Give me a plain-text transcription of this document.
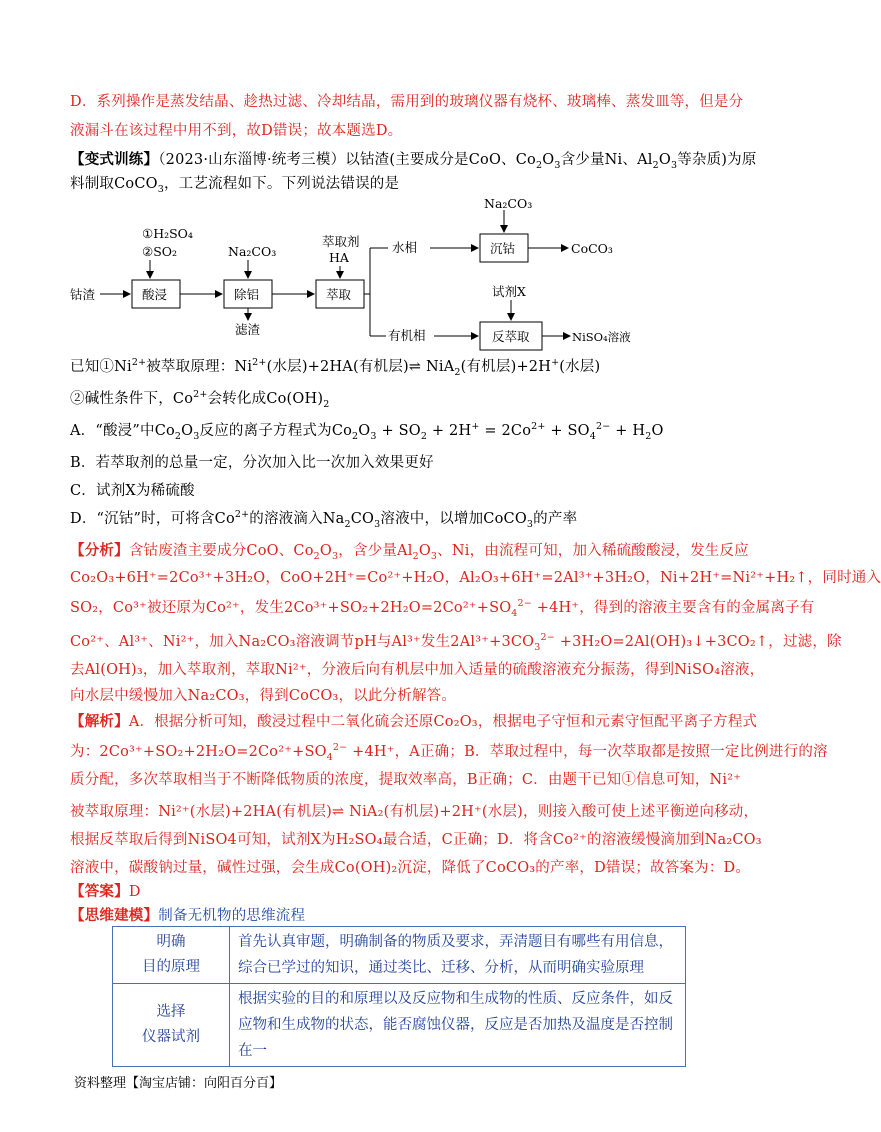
D．系列操作是蒸发结晶、趁热过滤、冷却结晶，需用到的玻璃仪器有烧杯、玻璃棒、蒸发皿等，但是分
液漏斗在该过程中用不到，故D错误；故本题选D。
【变式训练】（2023·山东淄博·统考三模）以钴渣(主要成分是CoO、$Co_2O_3$含少量Ni、$Al_2O_3$等杂质)为原
料制取CoCO$_3$，工艺流程如下。下列说法错误的是
①H₂SO₄
②SO₂	Na₂CO₃
萃取剂
HA
Na₂CO₃
试剂X
钴渣	酸浸	除铝	萃取
沉钴
反萃取
滤渣
水相
有机相
CoCO₃
NiSO₄溶液
已知$①Ni^{2+}$被萃取原理：$Ni^{2+}$(水层)+2HA(有机层)⇌ NiA$_2$(有机层)+2H+(水层)
②碱性条件下，$Co^{2+}$会转化成$Co(OH)_2$
A．“酸浸”中$Co_2O_3$反应的离子方程式为$Co_2O_3 + SO_2 + 2H^+ = 2Co^{2+} + SO_4^{2-} + H_2O$
B．若萃取剂的总量一定，分次加入比一次加入效果更好
C．试剂X为稀硫酸
D．“沉钴”时，可将含$Co^{2+}$的溶液滴入$Na_2CO_3$溶液中，以增加CoCO$_3$的产率
【分析】含钴废渣主要成分CoO、$Co_2O_3$，含少量$Al_2O_3$、Ni，由流程可知，加入稀硫酸酸浸，发生反应
Co₂O₃+6H⁺=2Co³⁺+3H₂O，CoO+2H⁺=Co²⁺+H₂O，Al₂O₃+6H⁺=2Al³⁺+3H₂O，Ni+2H⁺=Ni²⁺+H₂↑，同时通入
SO₂，Co³⁺被还原为Co²⁺，发生$2Co^{3+}+SO_2+2H_2O=2Co^{2+}+SO_4^{2-} +4H^+$，得到的溶液主要含有的金属离子有
Co²⁺、Al³⁺、Ni²⁺，加入Na₂CO₃溶液调节pH与Al³⁺发生$2Al^{3+}+3CO_3^{2-}$ +3H₂O=2Al(OH)₃↓+3CO₂↑，过滤，除
去Al(OH)₃，加入萃取剂，萃取Ni²⁺，分液后向有机层中加入适量的硫酸溶液充分振荡，得到NiSO₄溶液，
向水层中缓慢加入Na₂CO₃，得到CoCO₃，以此分析解答。
【解析】A．根据分析可知，酸浸过程中二氧化硫会还原Co₂O₃，根据电子守恒和元素守恒配平离子方程式
为：$2Co^{3+}+SO_2+2H_2O=2Co^{2+}+SO_4^{2-} +4H^+$，A正确；B．萃取过程中，每一次萃取都是按照一定比例进行的溶
质分配，多次萃取相当于不断降低物质的浓度，提取效率高，B正确；C．由题干已知①信息可知，Ni²⁺
被萃取原理：Ni²⁺(水层)+2HA(有机层)⇌ NiA₂(有机层)+2H⁺(水层)，则接入酸可使上述平衡逆向移动，
根据反萃取后得到NiSO4可知，试剂X为H₂SO₄最合适，C正确；D．将含Co²⁺的溶液缓慢滴加到Na₂CO₃
溶液中，碳酸钠过量，碱性过强，会生成Co(OH)₂沉淀，降低了CoCO₃的产率，D错误；故答案为：D。
【答案】D
【思维建模】制备无机物的思维流程
明确
目的原理	首先认真审题，明确制备的物质及要求，弄清题目有哪些有用信息，综合已学过的知识，通过类比、迁移、分析，从而明确实验原理

选择
仪器试剂	根据实验的目的和原理以及反应物和生成物的性质、反应条件，如反应物和生成物的状态，能否腐蚀仪器，反应是否加热及温度是否控制在一
资料整理【淘宝店铺：向阳百分百】
